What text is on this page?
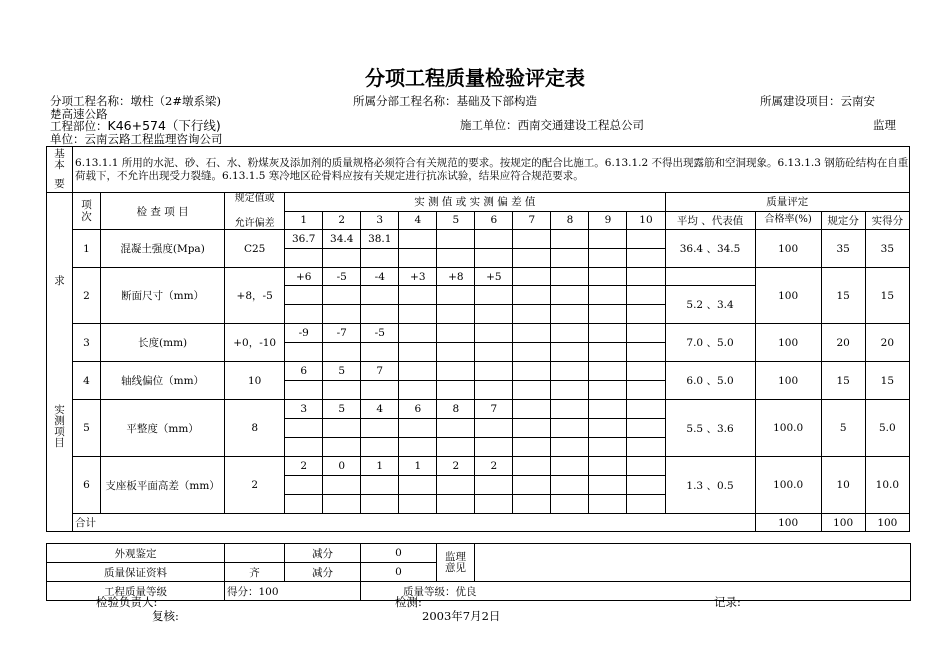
分项工程质量检验评定表
分项工程名称：墩柱（2#墩系梁)	所属分部工程名称：基础及下部构造	所属建设项目：云南安
楚高速公路
工程部位：K46+574（下行线)	施工单位：西南交通建设工程总公司	监理
单位：云南云路工程监理咨询公司
基
本
要	6.13.1.1 所用的水泥、砂、石、水、粉煤灰及添加剂的质量规格必须符合有关规范的要求。按规定的配合比施工。6.13.1.2 不得出现露筋和空洞现象。6.13.1.3 钢筋砼结构在自重荷载下，不允许出现受力裂缝。6.13.1.5 寒冷地区砼骨料应按有关规定进行抗冻试验，结果应符合规范要求。																

求
实测项目	项 次	检 查 项 目	规定值或
允许偏差	实 测 值 或 实 测 偏 差 值										质量评定			
				1	2	3	4	5	6	7	8	9	10	平均 、代表值	合格率(%)	规定分	实得分
	1	混凝土强度(Mpa)	C25	36.7	34.4	38.1								36.4 、34.5	100	35	35

	2	断面尺寸（mm）	+8，-5	+6	-5	-4	+3	+8	+5						100	15	15
														5.2 、3.4			

	3	长度(mm)	+0，-10	-9	-7	-5								7.0 、5.0	100	20	20

	4	轴线偏位（mm）	10	6	5	7								6.0 、5.0	100	15	15

	5	平整度（mm）	8	3	5	4	6	8	7					5.5 、3.6	100.0	5	5.0

	6	支座板平面高差（mm）	2	2	0	1	1	2	2					1.3 、0.5	100.0	10	10.0

	合计														100	100	100
外观鉴定		减分	0	监理
意见	

质量保证资料	齐	减分	0		
工程质量等级	得分：100		质量等级：优良		
检验负责人:	检测:	记录:
复核:	2003年7月2日
